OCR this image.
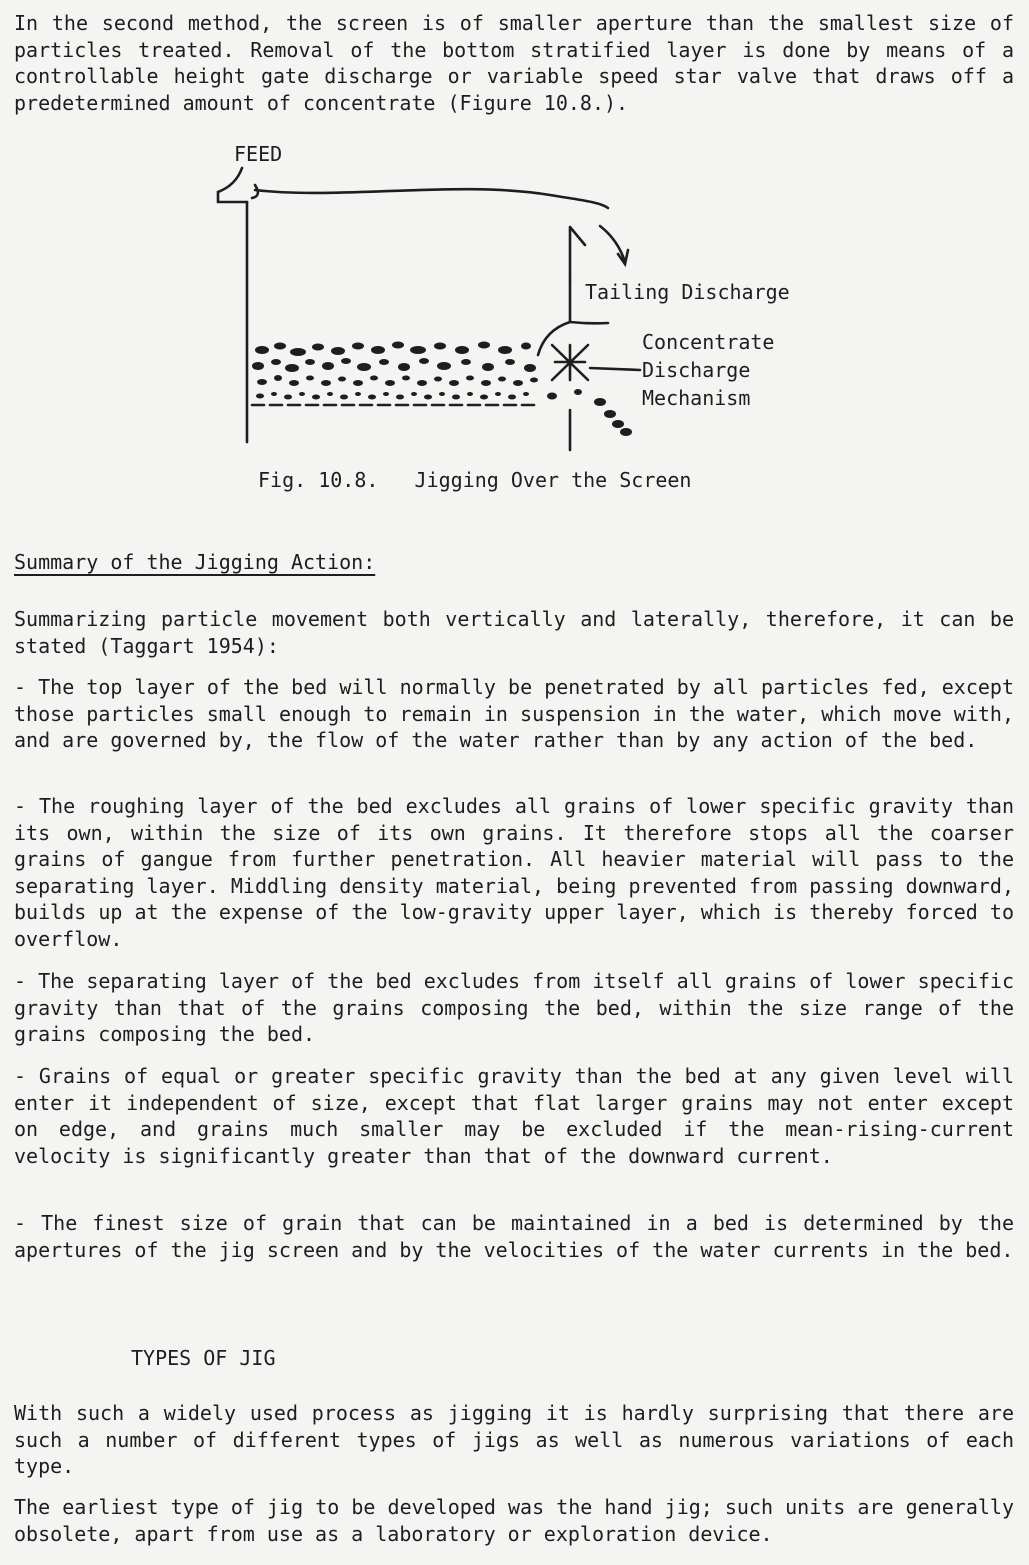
In the second method, the screen is of smaller aperture than the smallest size of particles treated. Removal of the bottom stratified layer is done by means of a controllable height gate discharge or variable speed star valve that draws off a predetermined amount of concentrate (Figure 10.8.).

FEED
Tailing Discharge
Concentrate
Discharge
Mechanism
Fig. 10.8.   Jigging Over the Screen
Summary of the Jigging Action:

Summarizing particle movement both vertically and laterally, therefore, it can be stated (Taggart 1954):

- The top layer of the bed will normally be penetrated by all particles fed, except those particles small enough to remain in suspension in the water, which move with, and are governed by, the flow of the water rather than by any action of the bed.

- The roughing layer of the bed excludes all grains of lower specific gravity than its own, within the size of its own grains. It therefore stops all the coarser grains of gangue from further penetration. All heavier material will pass to the separating layer. Middling density material, being prevented from passing downward, builds up at the expense of the low-gravity upper layer, which is thereby forced to overflow.

- The separating layer of the bed excludes from itself all grains of lower specific gravity than that of the grains composing the bed, within the size range of the grains composing the bed.

- Grains of equal or greater specific gravity than the bed at any given level will enter it independent of size, except that flat larger grains may not enter except on edge, and grains much smaller may be excluded if the mean-rising-current velocity is significantly greater than that of the downward current.

- The finest size of grain that can be maintained in a bed is determined by the apertures of the jig screen and by the velocities of the water currents in the bed.

TYPES OF JIG

With such a widely used process as jigging it is hardly surprising that there are such a number of different types of jigs as well as numerous variations of each type.

The earliest type of jig to be developed was the hand jig; such units are generally obsolete, apart from use as a laboratory or exploration device.
